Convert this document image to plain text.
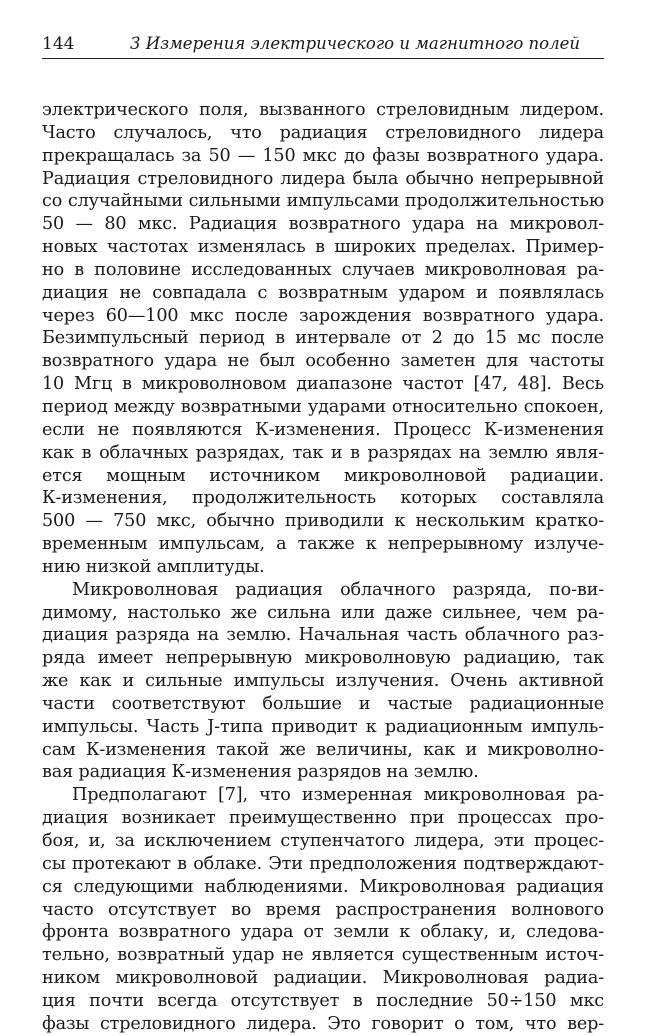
144	3 Измерения электрического и магнитного полей
электрического поля, вызванного стреловидным лидером.
Часто случалось, что радиация стреловидного лидера
прекращалась за 50 — 150 мкс до фазы возвратного удара.
Радиация стреловидного лидера была обычно непрерывной
со случайными сильными импульсами продолжительностью
50 — 80 мкс. Радиация возвратного удара на микровол-
новых частотах изменялась в широких пределах. Пример-
но в половине исследованных случаев микроволновая ра-
диация не совпадала с возвратным ударом и появлялась
через 60—100 мкс после зарождения возвратного удара.
Безимпульсный период в интервале от 2 до 15 мс после
возвратного удара не был особенно заметен для частоты
10 Мгц в микроволновом диапазоне частот [47, 48]. Весь
период между возвратными ударами относительно спокоен,
если не появляются К-изменения. Процесс К-изменения
как в облачных разрядах, так и в разрядах на землю явля-
ется мощным источником микроволновой радиации.
К-изменения, продолжительность которых составляла
500 — 750 мкс, обычно приводили к нескольким кратко-
временным импульсам, а также к непрерывному излуче-
нию низкой амплитуды.
Микроволновая радиация облачного разряда, по-ви-
димому, настолько же сильна или даже сильнее, чем ра-
диация разряда на землю. Начальная часть облачного раз-
ряда имеет непрерывную микроволновую радиацию, так
же как и сильные импульсы излучения. Очень активной
части соответствуют большие и частые радиационные
импульсы. Часть J-типа приводит к радиационным импуль-
сам К-изменения такой же величины, как и микроволно-
вая радиация К-изменения разрядов на землю.
Предполагают [7], что измеренная микроволновая ра-
диация возникает преимущественно при процессах про-
боя, и, за исключением ступенчатого лидера, эти процес-
сы протекают в облаке. Эти предположения подтверждают-
ся следующими наблюдениями. Микроволновая радиация
часто отсутствует во время распространения волнового
фронта возвратного удара от земли к облаку, и, следова-
тельно, возвратный удар не является существенным источ-
ником микроволновой радиации. Микроволновая радиа-
ция почти всегда отсутствует в последние 50÷150 мкс
фазы стреловидного лидера. Это говорит о том, что вер-
